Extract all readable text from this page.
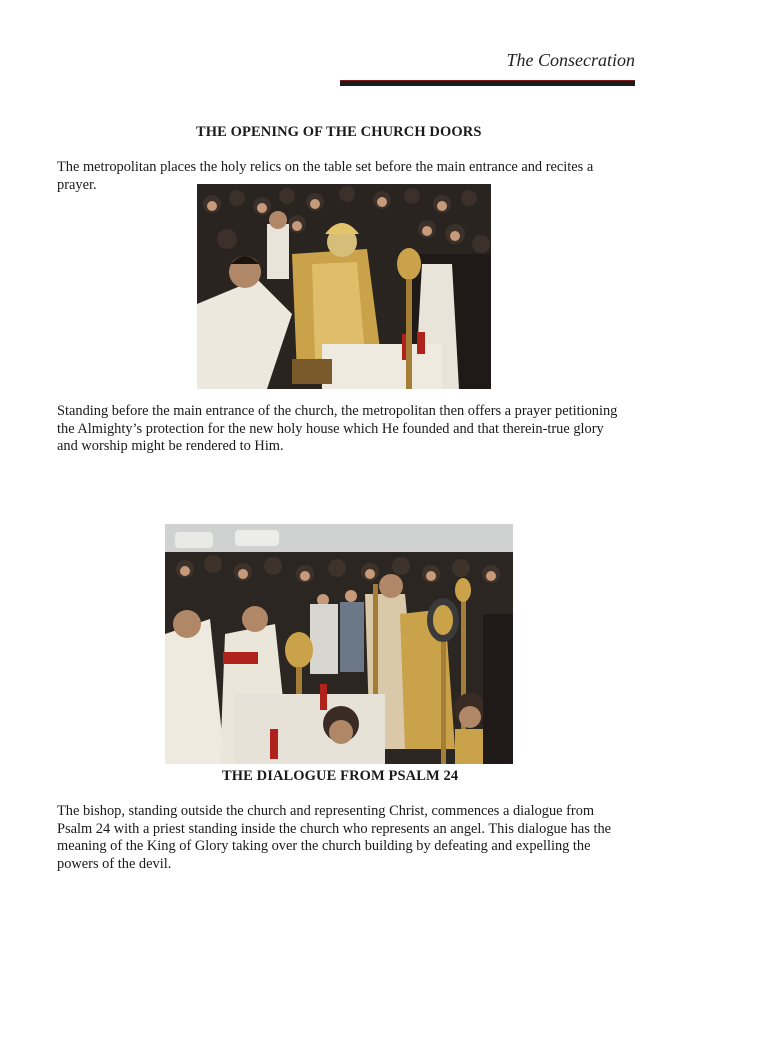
The Consecration
THE OPENING OF THE CHURCH DOORS
The metropolitan places the holy relics on the table set before the main entrance and recites a prayer.
Standing before the main entrance of the church, the metropolitan then offers a prayer petitioning the Almighty’s protection for the new holy house which He founded and that therein-true glory and worship might be rendered to Him.
THE DIALOGUE FROM PSALM 24
The bishop, standing outside the church and representing Christ, commences a dialogue from Psalm 24 with a priest standing inside the church who represents an angel. This dialogue has the meaning of the King of Glory taking over the church building by defeating and expelling the powers of the devil.
